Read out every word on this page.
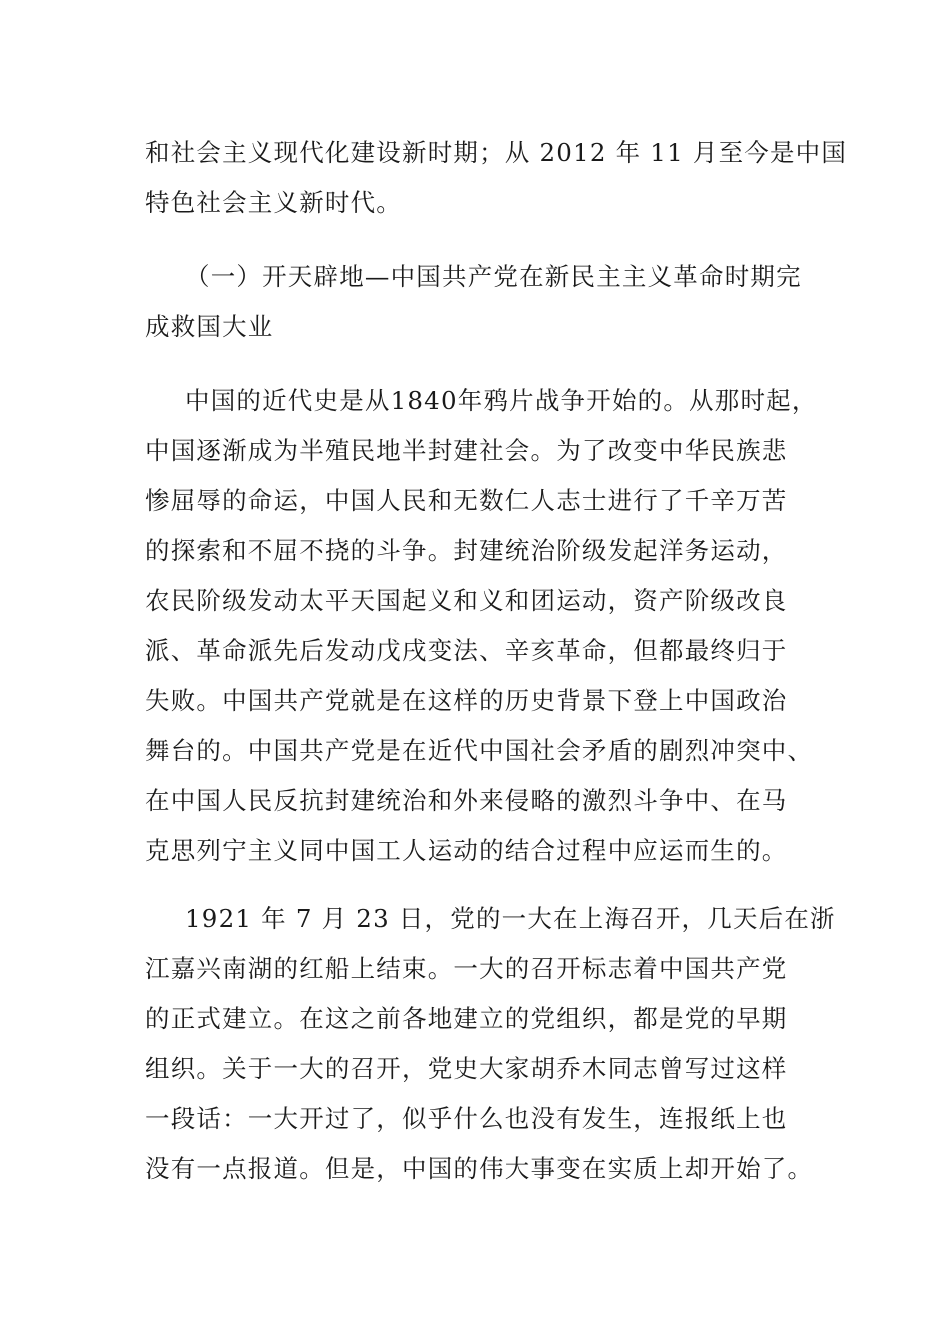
和社会主义现代化建设新时期；从 2012 年 11 月至今是中国
特色社会主义新时代。
（一）开天辟地—中国共产党在新民主主义革命时期完
成救国大业
中国的近代史是从1840年鸦片战争开始的。从那时起，
中国逐渐成为半殖民地半封建社会。为了改变中华民族悲
惨屈辱的命运，中国人民和无数仁人志士进行了千辛万苦
的探索和不屈不挠的斗争。封建统治阶级发起洋务运动，
农民阶级发动太平天国起义和义和团运动，资产阶级改良
派、革命派先后发动戊戌变法、辛亥革命，但都最终归于
失败。中国共产党就是在这样的历史背景下登上中国政治
舞台的。中国共产党是在近代中国社会矛盾的剧烈冲突中、
在中国人民反抗封建统治和外来侵略的激烈斗争中、在马
克思列宁主义同中国工人运动的结合过程中应运而生的。
1921 年 7 月 23 日，党的一大在上海召开，几天后在浙
江嘉兴南湖的红船上结束。一大的召开标志着中国共产党
的正式建立。在这之前各地建立的党组织，都是党的早期
组织。关于一大的召开，党史大家胡乔木同志曾写过这样
一段话：一大开过了，似乎什么也没有发生，连报纸上也
没有一点报道。但是，中国的伟大事变在实质上却开始了。
